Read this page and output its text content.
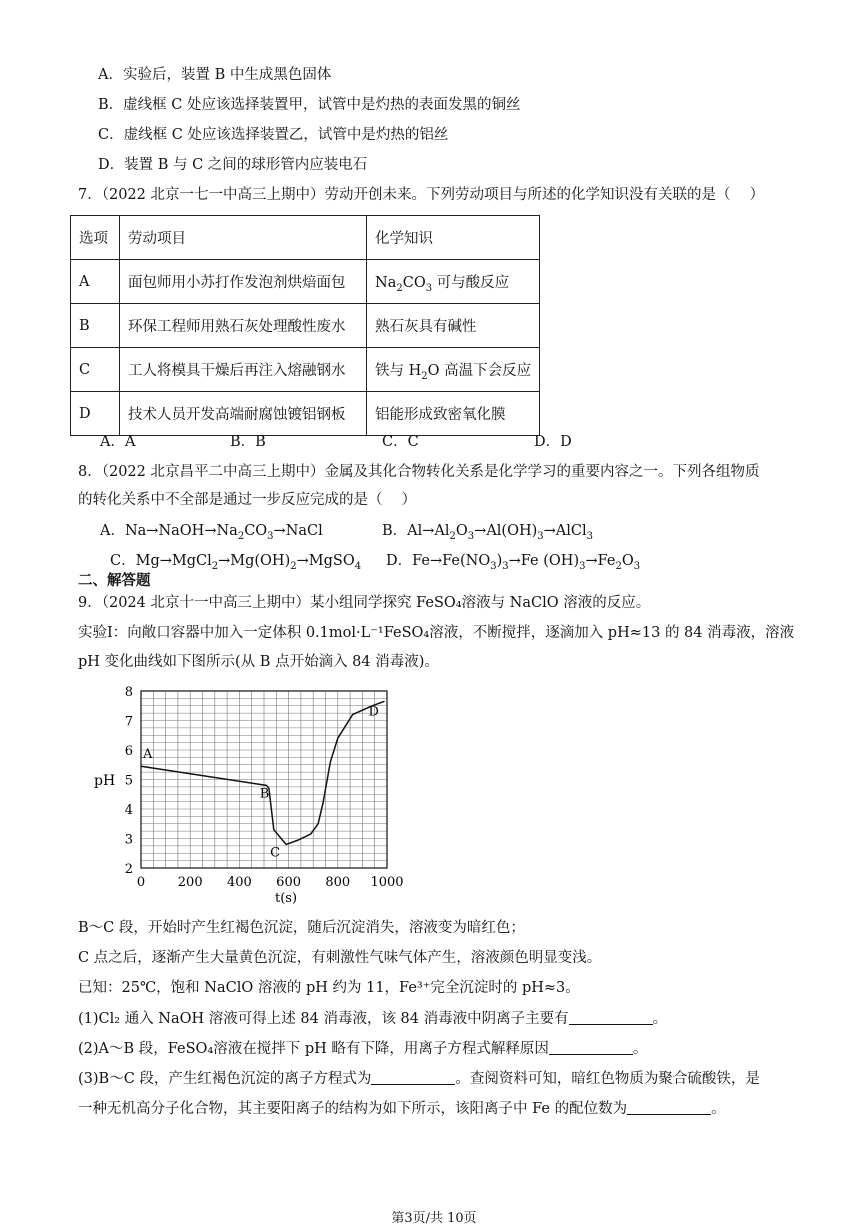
A．实验后，装置 B 中生成黑色固体
B．虚线框 C 处应该选择装置甲，试管中是灼热的表面发黑的铜丝
C．虚线框 C 处应该选择装置乙，试管中是灼热的铝丝
D．装置 B 与 C 之间的球形管内应装电石
7．（2022 北京一七一中高三上期中）劳动开创未来。下列劳动项目与所述的化学知识没有关联的是（　 ）
选项	劳动项目	化学知识
A	面包师用小苏打作发泡剂烘焙面包	$Na_2CO_3$ 可与酸反应
B	环保工程师用熟石灰处理酸性废水	熟石灰具有碱性
C	工人将模具干燥后再注入熔融钢水	铁与 $H_2O$ 高温下会反应
D	技术人员开发高端耐腐蚀镀铝钢板	铝能形成致密氧化膜
A．A	B．B	C．C	D．D
8．（2022 北京昌平二中高三上期中）金属及其化合物转化关系是化学学习的重要内容之一。下列各组物质
的转化关系中不全部是通过一步反应完成的是（　 ）
A．$Na\to NaOH\to Na_2CO_3\to NaCl$	B．$Al\to Al_2O_3\to Al(OH)_3\to AlCl_3$
C．$Mg\to MgCl_2\to Mg(OH)_2\to MgSO_4$ D．$Fe\to Fe(NO_3)_3\to Fe$ $(OH)_3\to Fe_2O_3$
二、解答题
9．（2024 北京十一中高三上期中）某小组同学探究 FeSO₄溶液与 NaClO 溶液的反应。
实验Ⅰ：向敞口容器中加入一定体积 0.1mol·L⁻¹FeSO₄溶液，不断搅拌，逐滴加入 pH≈13 的 84 消毒液，溶液
pH 变化曲线如下图所示(从 B 点开始滴入 84 消毒液)。
0	200 400 600 800 1000
2
3
4
5
6
7
8
A
B
C
D
pH
t(s)
B～C 段，开始时产生红褐色沉淀，随后沉淀消失，溶液变为暗红色；
C 点之后，逐渐产生大量黄色沉淀，有刺激性气味气体产生，溶液颜色明显变浅。
已知：25℃，饱和 NaClO 溶液的 pH 约为 11，Fe³⁺完全沉淀时的 pH≈3。
(1)Cl₂ 通入 NaOH 溶液可得上述 84 消毒液，该 84 消毒液中阴离子主要有	。
(2)A～B 段，FeSO₄溶液在搅拌下 pH 略有下降，用离子方程式解释原因	。
(3)B～C 段，产生红褐色沉淀的离子方程式为	。查阅资料可知，暗红色物质为聚合硫酸铁，是
一种无机高分子化合物，其主要阳离子的结构为如下所示，该阳离子中 Fe 的配位数为	。
第3页/共 10页
